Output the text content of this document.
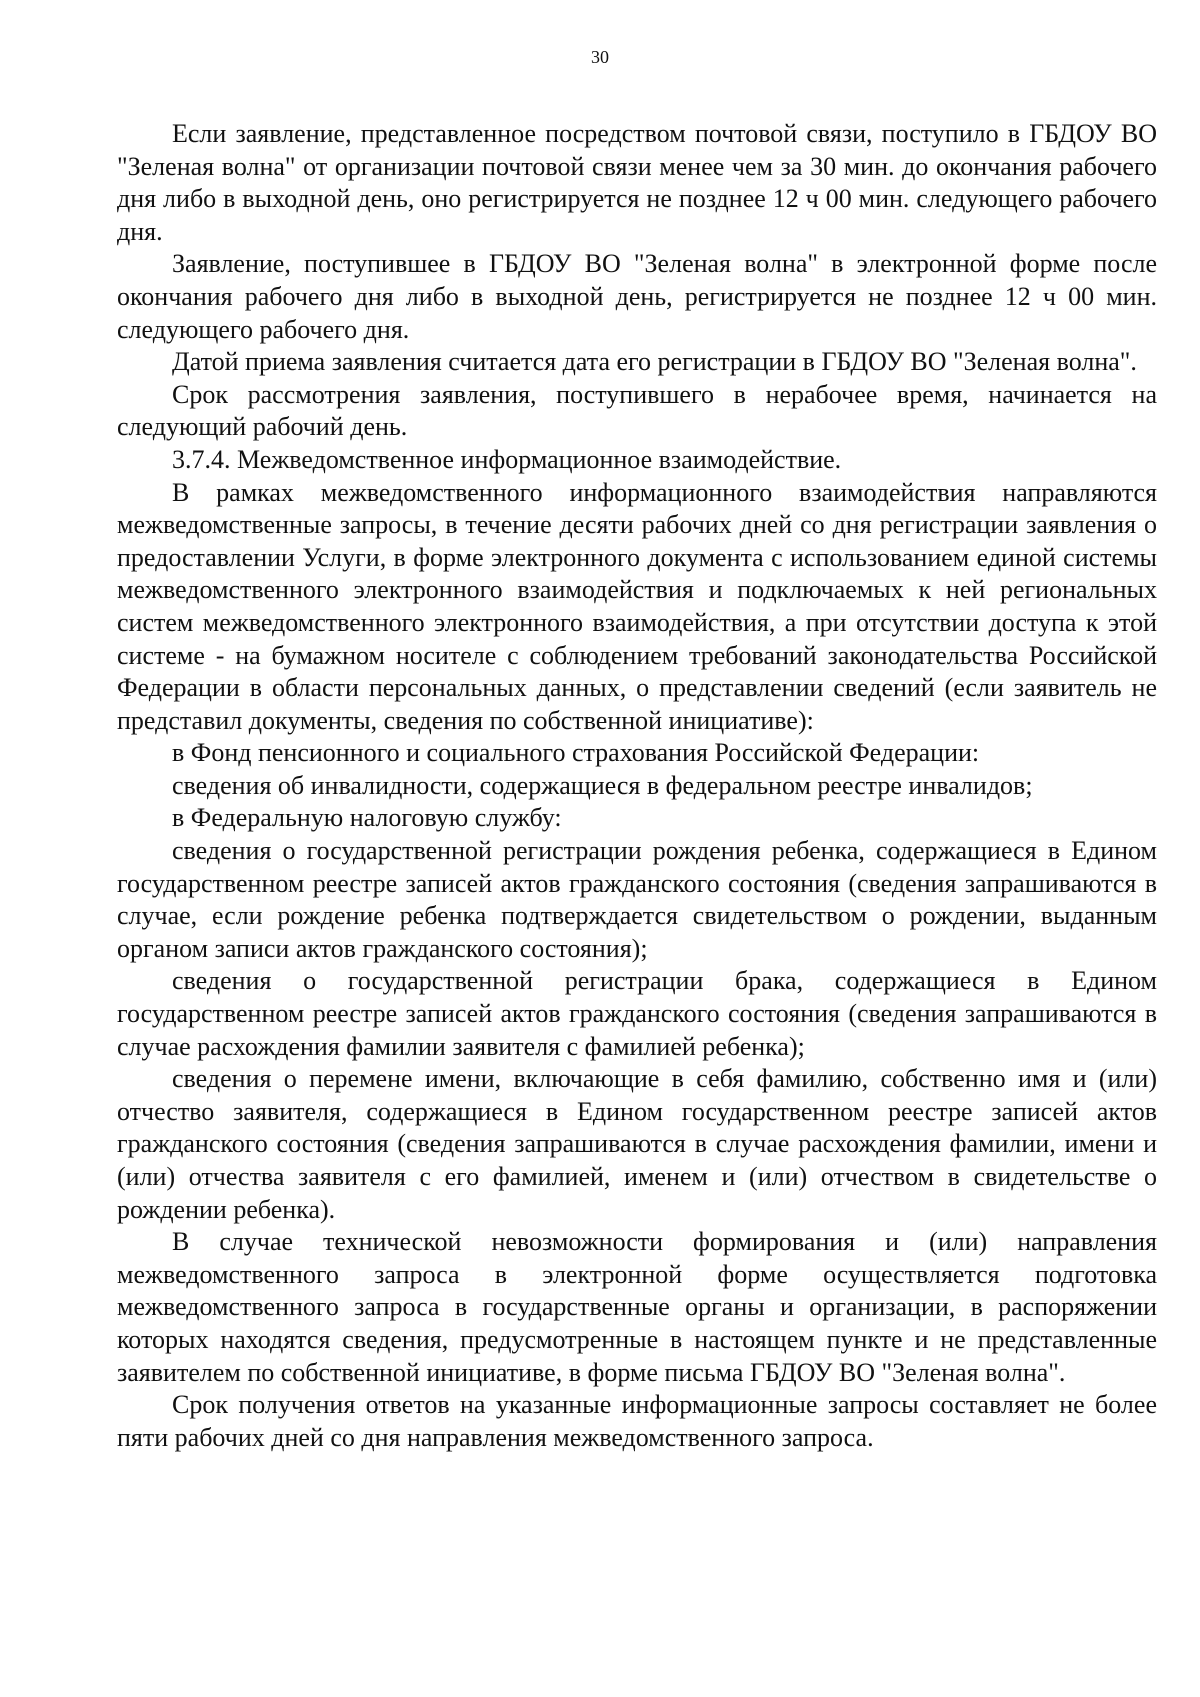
30

Если заявление, представленное посредством почтовой связи, поступило в ГБДОУ ВО "Зеленая волна" от организации почтовой связи менее чем за 30 мин. до окончания рабочего дня либо в выходной день, оно регистрируется не позднее 12 ч 00 мин. следующего рабочего дня.

Заявление, поступившее в ГБДОУ ВО "Зеленая волна" в электронной форме после окончания рабочего дня либо в выходной день, регистрируется не позднее 12 ч 00 мин. следующего рабочего дня.

Датой приема заявления считается дата его регистрации в ГБДОУ ВО "Зеленая волна".

Срок рассмотрения заявления, поступившего в нерабочее время, начинается на следующий рабочий день.

3.7.4. Межведомственное информационное взаимодействие.

В рамках межведомственного информационного взаимодействия направляются межведомственные запросы, в течение десяти рабочих дней со дня регистрации заявления о предоставлении Услуги, в форме электронного документа с использованием единой системы межведомственного электронного взаимодействия и подключаемых к ней региональных систем межведомственного электронного взаимодействия, а при отсутствии доступа к этой системе - на бумажном носителе с соблюдением требований законодательства Российской Федерации в области персональных данных, о представлении сведений (если заявитель не представил документы, сведения по собственной инициативе):

в Фонд пенсионного и социального страхования Российской Федерации:

сведения об инвалидности, содержащиеся в федеральном реестре инвалидов;

в Федеральную налоговую службу:

сведения о государственной регистрации рождения ребенка, содержащиеся в Едином государственном реестре записей актов гражданского состояния (сведения запрашиваются в случае, если рождение ребенка подтверждается свидетельством о рождении, выданным органом записи актов гражданского состояния);

сведения о государственной регистрации брака, содержащиеся в Едином государственном реестре записей актов гражданского состояния (сведения запрашиваются в случае расхождения фамилии заявителя с фамилией ребенка);

сведения о перемене имени, включающие в себя фамилию, собственно имя и (или) отчество заявителя, содержащиеся в Едином государственном реестре записей актов гражданского состояния (сведения запрашиваются в случае расхождения фамилии, имени и (или) отчества заявителя с его фамилией, именем и (или) отчеством в свидетельстве о рождении ребенка).

В случае технической невозможности формирования и (или) направления межведомственного запроса в электронной форме осуществляется подготовка межведомственного запроса в государственные органы и организации, в распоряжении которых находятся сведения, предусмотренные в настоящем пункте и не представленные заявителем по собственной инициативе, в форме письма ГБДОУ ВО "Зеленая волна".

Срок получения ответов на указанные информационные запросы составляет не более пяти рабочих дней со дня направления межведомственного запроса.
